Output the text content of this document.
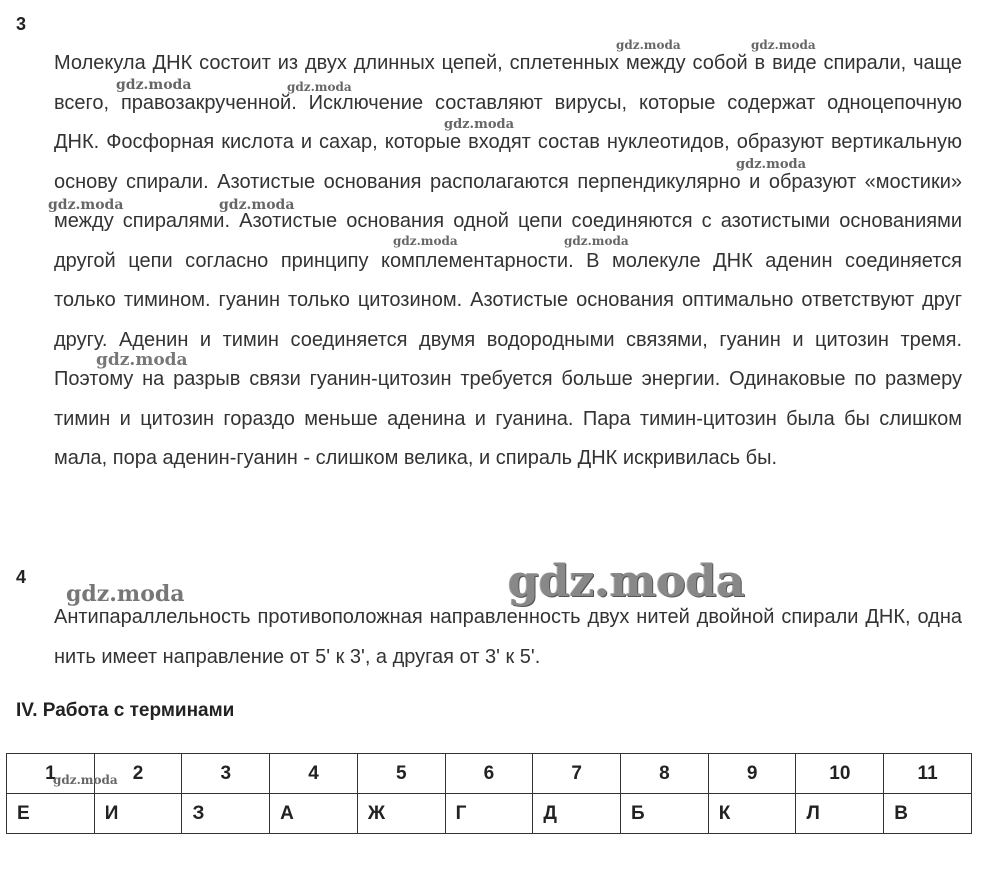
3
Молекула ДНК состоит из двух длинных цепей, сплетенных между собой в виде спирали, чаще всего, правозакрученной. Исключение составляют вирусы, которые содержат одноцепочную ДНК. Фосфорная кислота и сахар, которые входят состав нуклеотидов, образуют вертикальную основу спирали. Азотистые основания располагаются перпендикулярно и образуют «мостики» между спиралями. Азотистые основания одной цепи соединяются с азотистыми основаниями другой цепи согласно принципу комплементарности. В молекуле ДНК аденин соединяется только тимином. гуанин только цитозином. Азотистые основания оптимально ответствуют друг другу. Аденин и тимин соединяется двумя водородными связями, гуанин и цитозин тремя. Поэтому на разрыв связи гуанин-цитозин требуется больше энергии. Одинаковые по размеру тимин и цитозин гораздо меньше аденина и гуанина. Пара тимин-цитозин была бы слишком мала, пора аденин-гуанин - слишком велика, и спираль ДНК искривилась бы.
4
Антипараллельность противоположная направленность двух нитей двойной спирали ДНК, одна нить имеет направление от 5' к 3', а другая от 3' к 5'.
IV. Работа с терминами
1	2	3	4	5	6	7	8	9	10	11
Е	И	З	А	Ж	Г	Д	Б	К	Л	В
gdz.moda	gdz.moda
gdz.moda	gdz.moda
gdz.moda
gdz.moda
gdz.moda	gdz.moda
gdz.moda	gdz.moda
gdz.moda
gdz.moda	gdz.moda
gdz.moda
